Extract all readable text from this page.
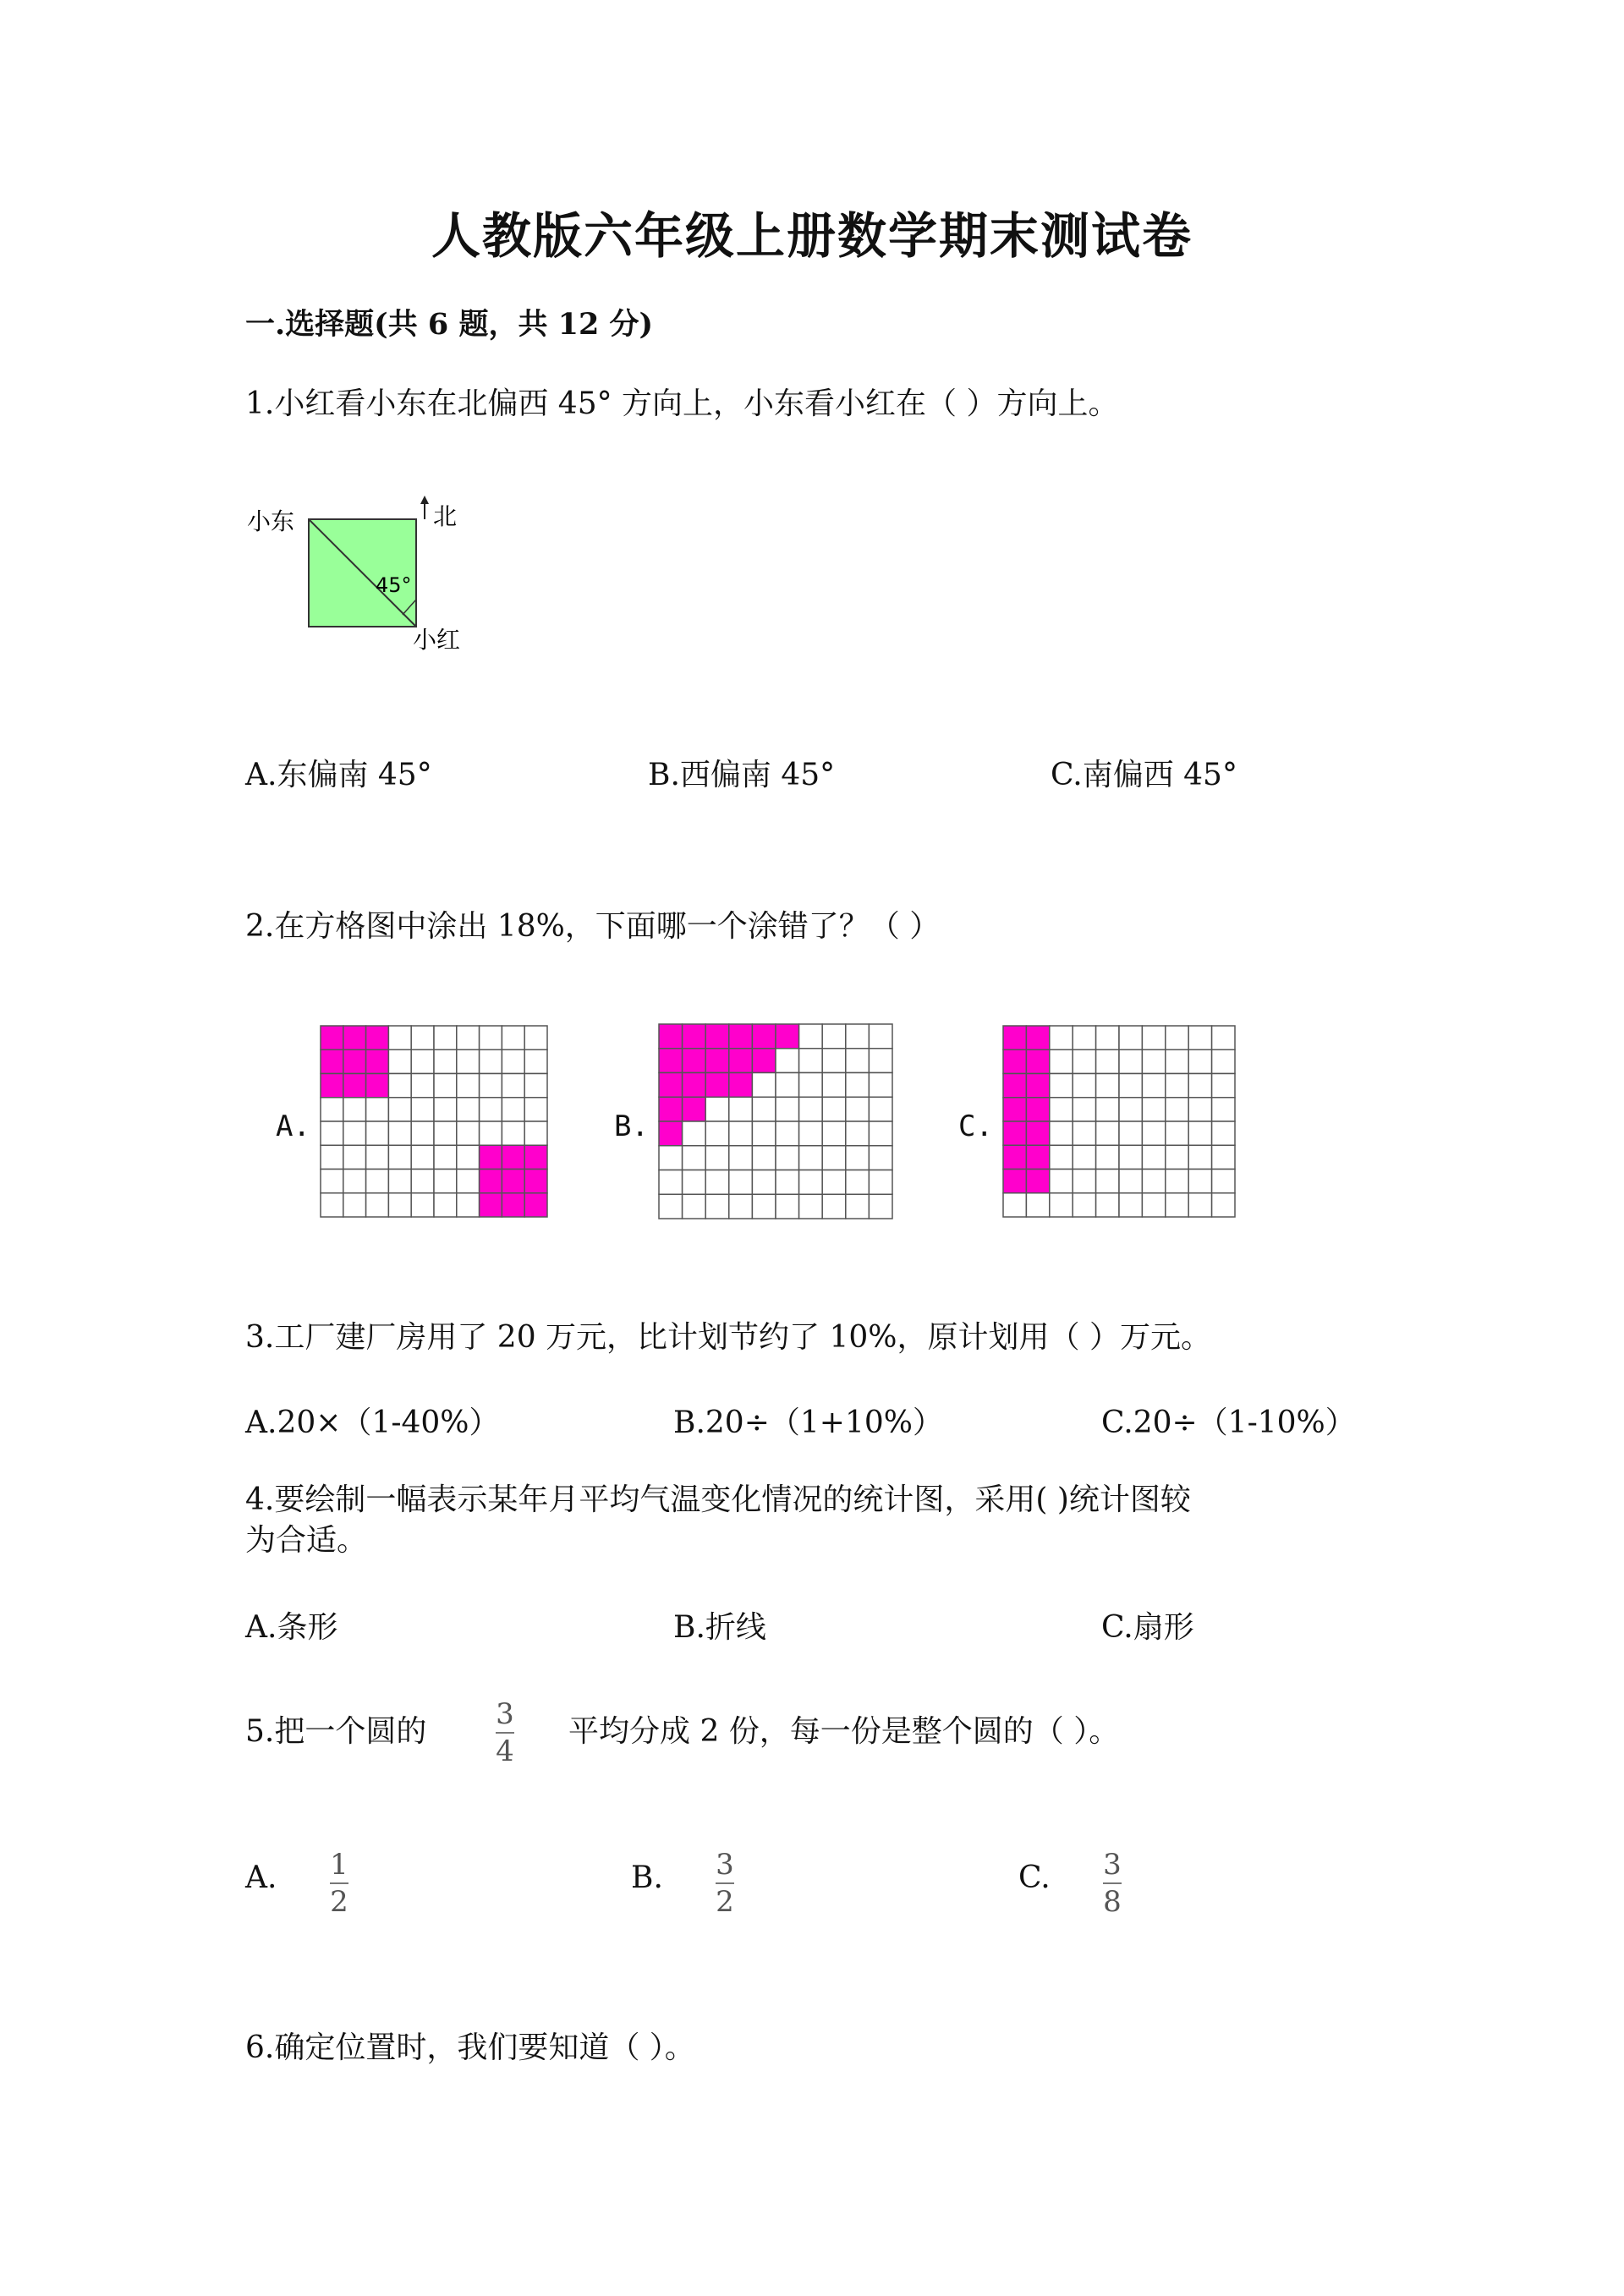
人教版六年级上册数学期末测试卷
一.选择题(共 6 题，共 12 分)
1.小红看小东在北偏西 45° 方向上，小东看小红在（ ）方向上。
小东	北
45°
小红
A.东偏南 45°	B.西偏南 45°	C.南偏西 45°
2.在方格图中涂出 18%，下面哪一个涂错了？（ ）
A.	B.	C.
3.工厂建厂房用了 20 万元，比计划节约了 10%，原计划用（ ）万元。
A.20×（1-40%）	B.20÷（1+10%）	C.20÷（1-10%）
4.要绘制一幅表示某年月平均气温变化情况的统计图，采用( )统计图较
为合适。
A.条形	B.折线	C.扇形
5.把一个圆的 3
4
平均分成 2 份，每一份是整个圆的（ ）。
A. 1
2
B. 3
2
C. 3
8
6.确定位置时，我们要知道（ ）。
